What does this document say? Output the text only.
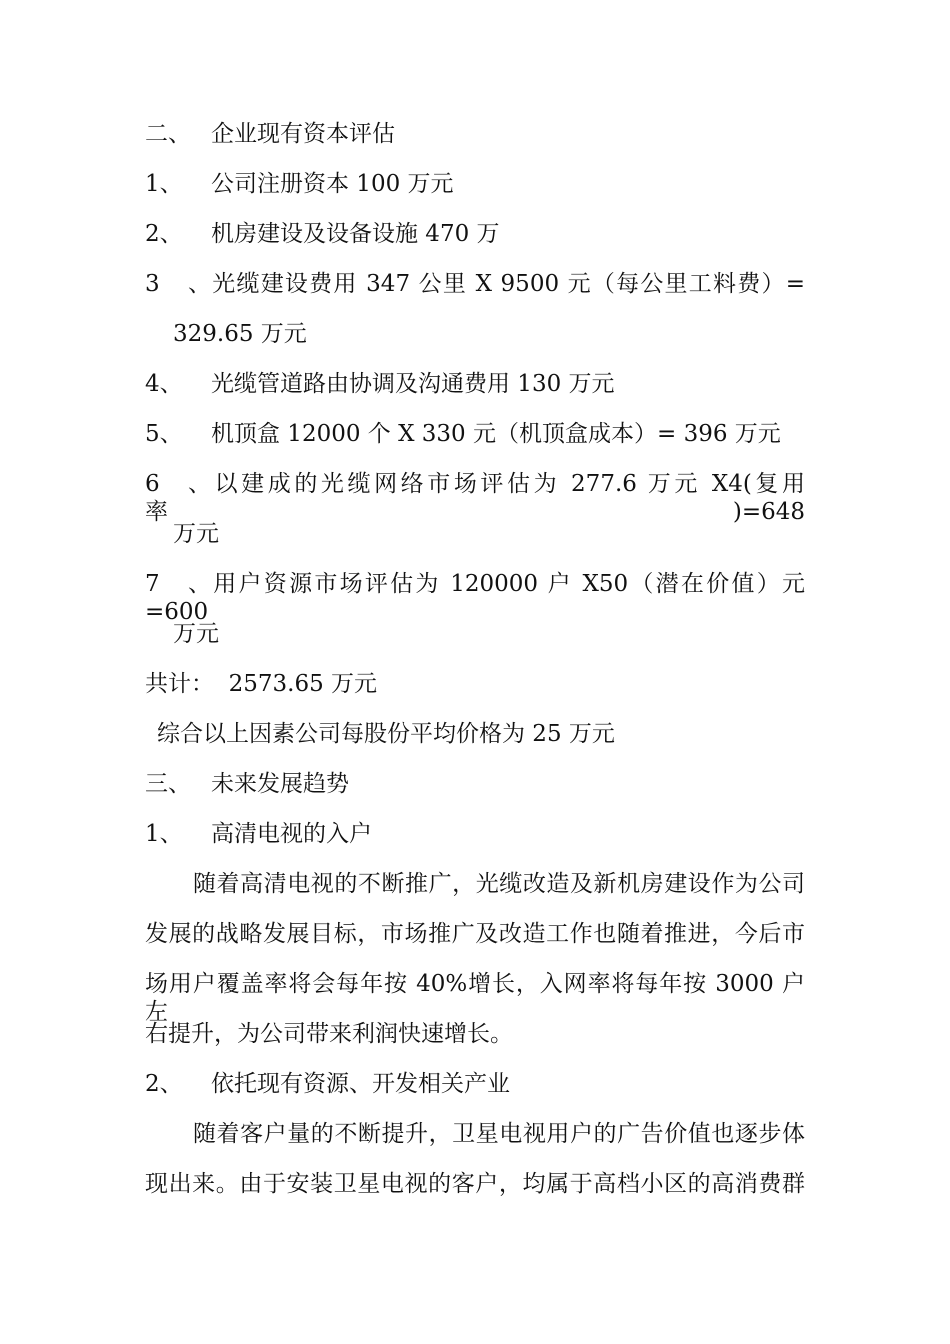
二、 企业现有资本评估
1、 公司注册资本 100 万元
2、 机房建设及设备设施 470 万
3、光缆建设费用 347 公里 X 9500 元（每公里工料费）=
329.65 万元
4、 光缆管道路由协调及沟通费用 130 万元
5、 机顶盒 12000 个 X 330 元（机顶盒成本）= 396 万元
6、以建成的光缆网络市场评估为 277.6 万元 X4(复用率)=648
万元
7、用户资源市场评估为 120000 户 X50（潜在价值）元=600
万元
共计：  2573.65 万元
综合以上因素公司每股份平均价格为 25 万元
三、 未来发展趋势
1、 高清电视的入户
随着高清电视的不断推广，光缆改造及新机房建设作为公司
发展的战略发展目标，市场推广及改造工作也随着推进，今后市
场用户覆盖率将会每年按 40%增长，入网率将每年按 3000 户左
右提升，为公司带来利润快速增长。
2、 依托现有资源、开发相关产业
随着客户量的不断提升，卫星电视用户的广告价值也逐步体
现出来。由于安装卫星电视的客户，均属于高档小区的高消费群
